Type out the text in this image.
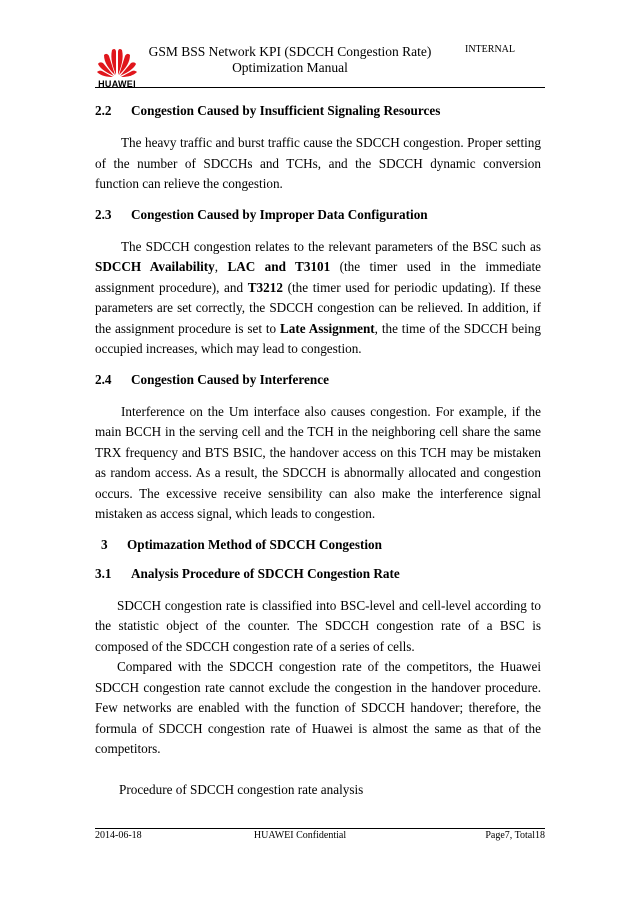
HUAWEI
GSM BSS Network KPI (SDCCH Congestion Rate)
Optimization Manual
INTERNAL
2.2 Congestion Caused by Insufficient Signaling Resources

The heavy traffic and burst traffic cause the SDCCH congestion. Proper setting of the number of SDCCHs and TCHs, and the SDCCH dynamic conversion function can relieve the congestion.

2.3 Congestion Caused by Improper Data Configuration

The SDCCH congestion relates to the relevant parameters of the BSC such as SDCCH Availability, LAC and T3101 (the timer used in the immediate assignment procedure), and T3212 (the timer used for periodic updating). If these parameters are set correctly, the SDCCH congestion can be relieved. In addition, if the assignment procedure is set to Late Assignment, the time of the SDCCH being occupied increases, which may lead to congestion.

2.4 Congestion Caused by Interference

Interference on the Um interface also causes congestion. For example, if the main BCCH in the serving cell and the TCH in the neighboring cell share the same TRX frequency and BTS BSIC, the handover access on this TCH may be mistaken as random access. As a result, the SDCCH is abnormally allocated and congestion occurs. The excessive receive sensibility can also make the interference signal mistaken as access signal, which leads to congestion.

3 Optimazation Method of SDCCH Congestion
3.1 Analysis Procedure of SDCCH Congestion Rate

SDCCH congestion rate is classified into BSC-level and cell-level according to the statistic object of the counter. The SDCCH congestion rate of a BSC is composed of the SDCCH congestion rate of a series of cells.

Compared with the SDCCH congestion rate of the competitors, the Huawei SDCCH congestion rate cannot exclude the congestion in the handover procedure. Few networks are enabled with the function of SDCCH handover; therefore, the formula of SDCCH congestion rate of Huawei is almost the same as that of the competitors.

Procedure of SDCCH congestion rate analysis

2014-06-18	HUAWEI Confidential	Page7, Total18
